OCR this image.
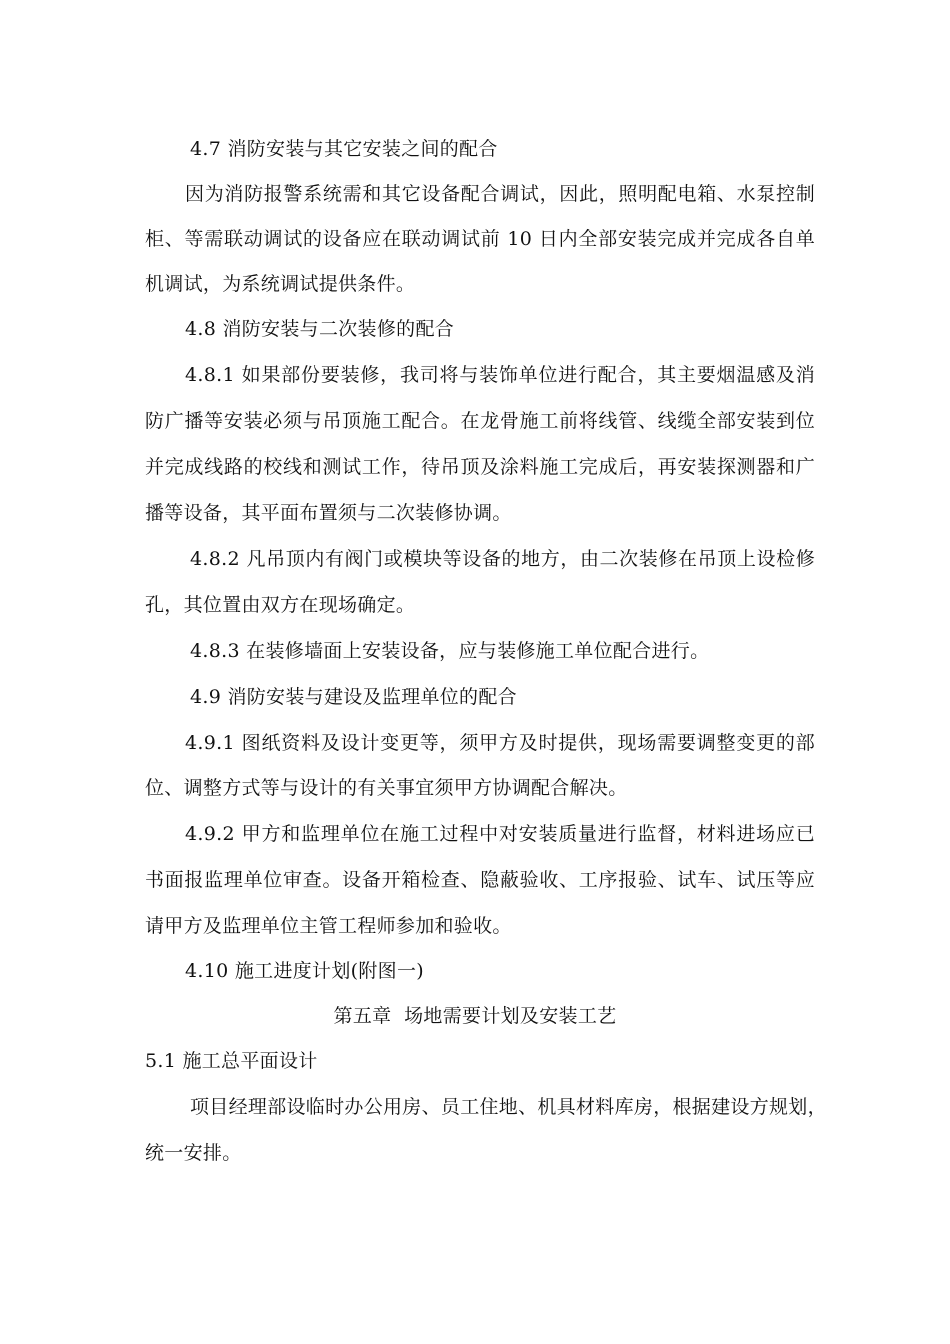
4.7 消防安装与其它安装之间的配合
因为消防报警系统需和其它设备配合调试，因此，照明配电箱、水泵控制
柜、等需联动调试的设备应在联动调试前 10 日内全部安装完成并完成各自单
机调试，为系统调试提供条件。
4.8 消防安装与二次装修的配合
4.8.1 如果部份要装修，我司将与装饰单位进行配合，其主要烟温感及消
防广播等安装必须与吊顶施工配合。在龙骨施工前将线管、线缆全部安装到位
并完成线路的校线和测试工作，待吊顶及涂料施工完成后，再安装探测器和广
播等设备，其平面布置须与二次装修协调。
4.8.2 凡吊顶内有阀门或模块等设备的地方，由二次装修在吊顶上设检修
孔，其位置由双方在现场确定。
4.8.3 在装修墙面上安装设备，应与装修施工单位配合进行。
4.9 消防安装与建设及监理单位的配合
4.9.1 图纸资料及设计变更等，须甲方及时提供，现场需要调整变更的部
位、调整方式等与设计的有关事宜须甲方协调配合解决。
4.9.2 甲方和监理单位在施工过程中对安装质量进行监督，材料进场应已
书面报监理单位审查。设备开箱检查、隐蔽验收、工序报验、试车、试压等应
请甲方及监理单位主管工程师参加和验收。
4.10 施工进度计划(附图一)
第五章  场地需要计划及安装工艺
5.1 施工总平面设计
项目经理部设临时办公用房、员工住地、机具材料库房，根据建设方规划，
统一安排。
